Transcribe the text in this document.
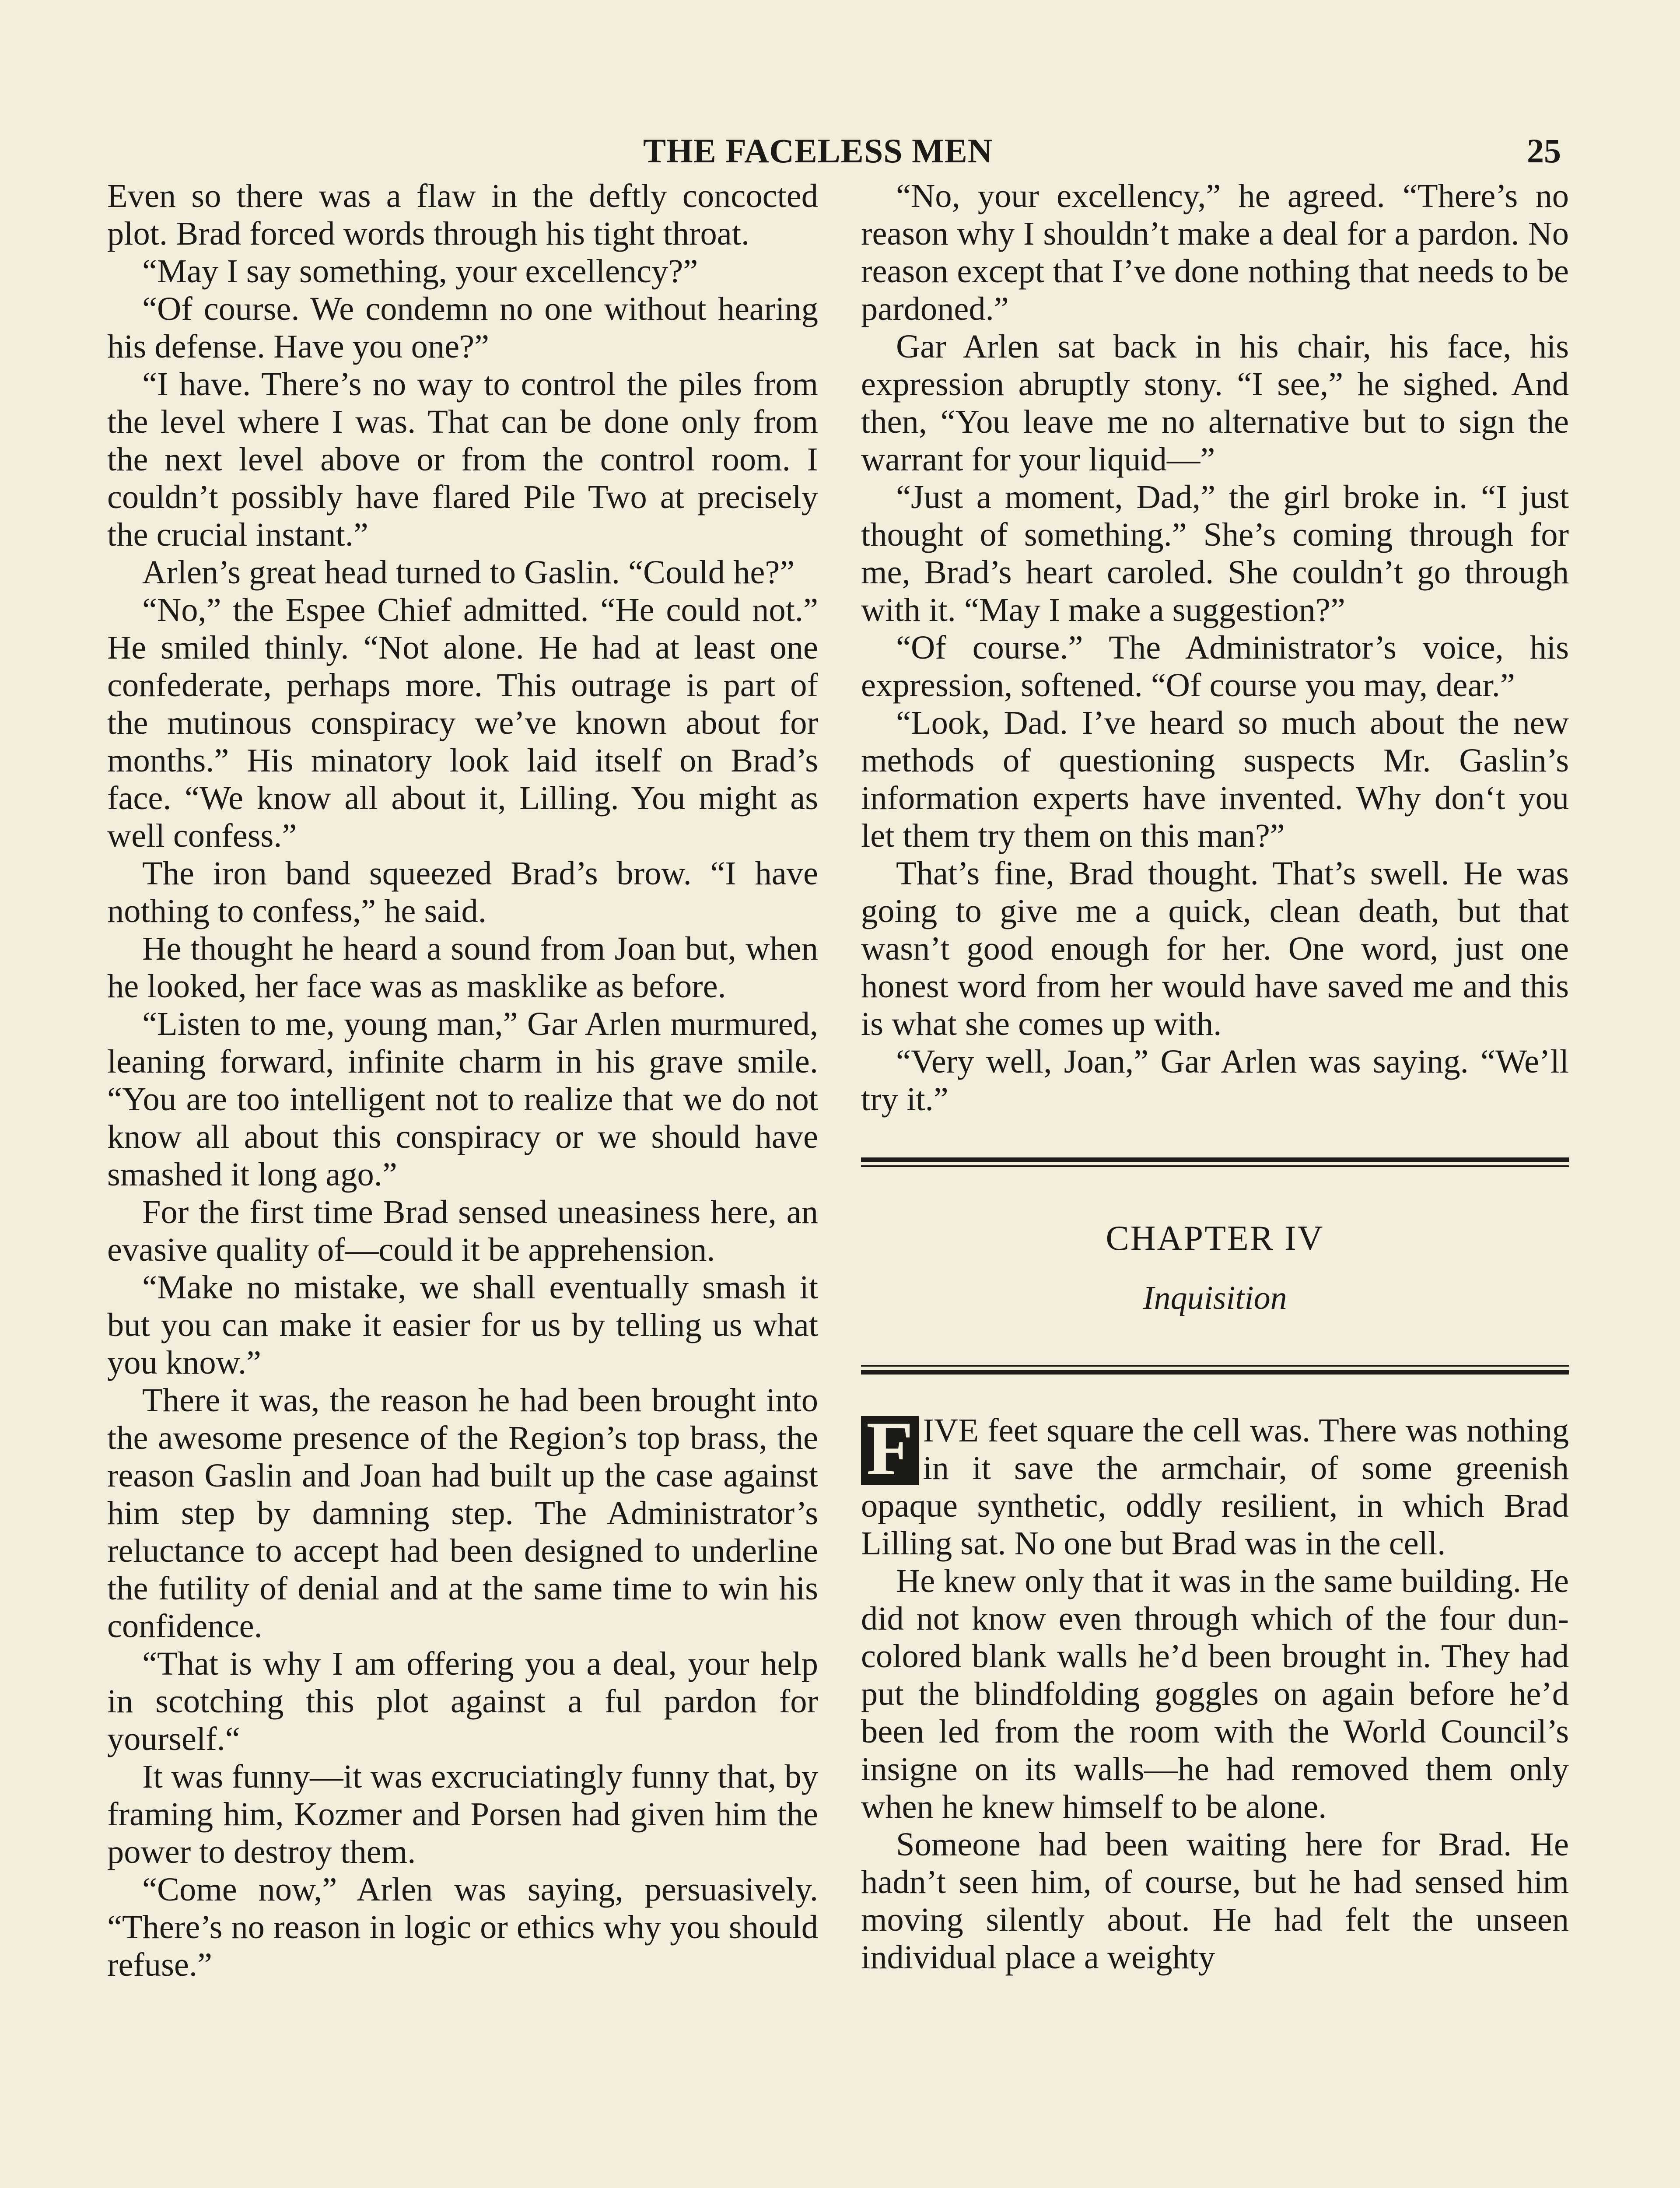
THE FACELESS MEN	25

Even so there was a flaw in the deftly concocted plot. Brad forced words through his tight throat.

“May I say something, your excellency?”

“Of course. We condemn no one without hearing his defense. Have you one?”

“I have. There’s no way to control the piles from the level where I was. That can be done only from the next level above or from the control room. I couldn’t possibly have flared Pile Two at precisely the crucial instant.”

Arlen’s great head turned to Gaslin. “Could he?”

“No,” the Espee Chief admitted. “He could not.” He smiled thinly. “Not alone. He had at least one confederate, perhaps more. This outrage is part of the mutinous conspiracy we’ve known about for months.” His minatory look laid itself on Brad’s face. “We know all about it, Lilling. You might as well confess.”

The iron band squeezed Brad’s brow. “I have nothing to confess,” he said.

He thought he heard a sound from Joan but, when he looked, her face was as masklike as before.

“Listen to me, young man,” Gar Arlen murmured, leaning forward, infinite charm in his grave smile. “You are too intelligent not to realize that we do not know all about this conspiracy or we should have smashed it long ago.”

For the first time Brad sensed uneasiness here, an evasive quality of—could it be apprehension.

“Make no mistake, we shall eventually smash it but you can make it easier for us by telling us what you know.”

There it was, the reason he had been brought into the awesome presence of the Region’s top brass, the reason Gaslin and Joan had built up the case against him step by damning step. The Administrator’s reluctance to accept had been designed to underline the futility of denial and at the same time to win his confidence.

“That is why I am offering you a deal, your help in scotching this plot against a ful pardon for yourself.“

It was funny—it was excruciatingly funny that, by framing him, Kozmer and Porsen had given him the power to destroy them.

“Come now,” Arlen was saying, persuasively. “There’s no reason in logic or ethics why you should refuse.”

“No, your excellency,” he agreed. “There’s no reason why I shouldn’t make a deal for a pardon. No reason except that I’ve done nothing that needs to be pardoned.”

Gar Arlen sat back in his chair, his face, his expression abruptly stony. “I see,” he sighed. And then, “You leave me no alternative but to sign the warrant for your liquid—”

“Just a moment, Dad,” the girl broke in. “I just thought of something.” She’s coming through for me, Brad’s heart caroled. She couldn’t go through with it. “May I make a suggestion?”

“Of course.” The Administrator’s voice, his expression, softened. “Of course you may, dear.”

“Look, Dad. I’ve heard so much about the new methods of questioning suspects Mr. Gaslin’s information experts have invented. Why don‘t you let them try them on this man?”

That’s fine, Brad thought. That’s swell. He was going to give me a quick, clean death, but that wasn’t good enough for her. One word, just one honest word from her would have saved me and this is what she comes up with.

“Very well, Joan,” Gar Arlen was saying. “We’ll try it.”

CHAPTER IV
Inquisition

F IVE feet square the cell was. There was nothing in it save the armchair, of some greenish opaque synthetic, oddly resilient, in which Brad Lilling sat. No one but Brad was in the cell.

He knew only that it was in the same building. He did not know even through which of the four dun-colored blank walls he’d been brought in. They had put the blindfolding goggles on again before he’d been led from the room with the World Council’s insigne on its walls—he had removed them only when he knew himself to be alone.

Someone had been waiting here for Brad. He hadn’t seen him, of course, but he had sensed him moving silently about. He had felt the unseen individual place a weighty
